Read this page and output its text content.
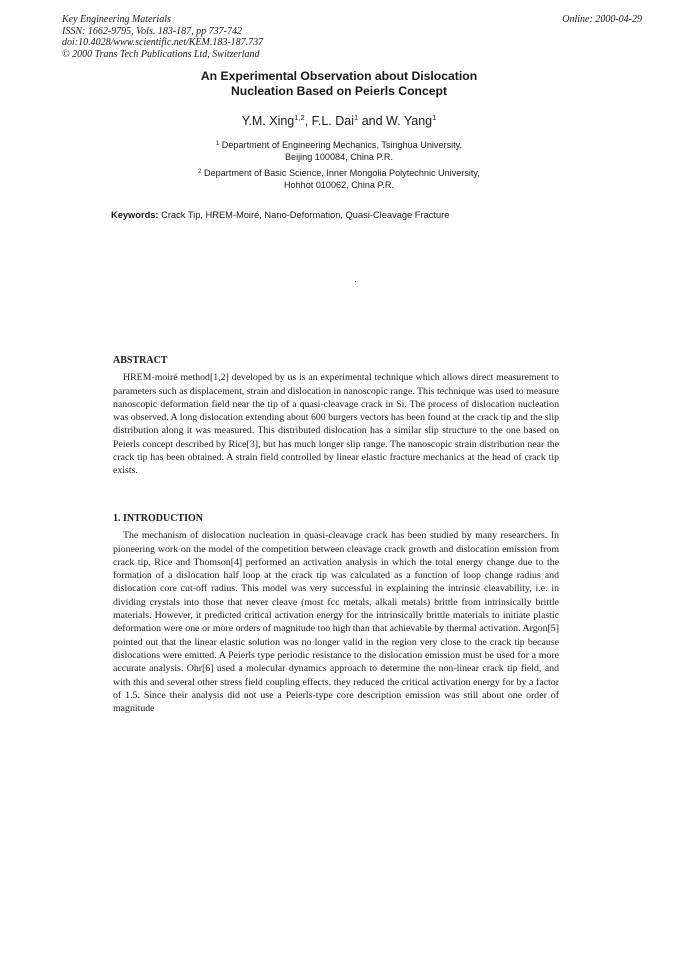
Key Engineering Materials
ISSN: 1662-9795, Vols. 183-187, pp 737-742
doi:10.4028/www.scientific.net/KEM.183-187.737
© 2000 Trans Tech Publications Ltd, Switzerland
Online: 2000-04-29
An Experimental Observation about Dislocation
Nucleation Based on Peierls Concept
Y.M. Xing$^{1,2}$, F.L. Dai$^1$ and W. Yang$^1$
$^1$ Department of Engineering Mechanics, Tsinghua University,
Beijing 100084, China P.R.
$^2$ Department of Basic Science, Inner Mongolia Polytechnic University,
Hohhot 010062, China P.R.
Keywords: Crack Tip, HREM-Moiré, Nano-Deformation, Quasi-Cleavage Fracture

ABSTRACT

HREM-moiré method[1,2] developed by us is an experimental technique which allows direct measurement to parameters such as displacement, strain and dislocation in nanoscopic range. This technique was used to measure nanoscopic deformation field near the tip of a quasi-cleavage crack in Si. The process of dislocation nucleation was observed. A long dislocation extending about 600 burgers vectors has been found at the crack tip and the slip distribution along it was measured. This distributed dislocation has a similar slip structure to the one based on Peierls concept described by Rice[3], but has much longer slip range. The nanoscopic strain distribution near the crack tip has been obtained. A strain field controlled by linear elastic fracture mechanics at the head of crack tip exists.

1. INTRODUCTION

The mechanism of dislocation nucleation in quasi-cleavage crack has been studied by many researchers. In pioneering work on the model of the competition between cleavage crack growth and dislocation emission from crack tip, Rice and Thomson[4] performed an activation analysis in which the total energy change due to the formation of a dislocation half loop at the crack tip was calculated as a function of loop change radius and dislocation core cut-off radius. This model was very successful in explaining the intrinsic cleavability, i.e. in dividing crystals into those that never cleave (most fcc metals, alkali metals) brittle from intrinsically brittle materials. However, it predicted critical activation energy for the intrinsically brittle materials to initiate plastic deformation were one or more orders of magnitude too high than that achievable by thermal activation. Argon[5] pointed out that the linear elastic solution was no longer valid in the region very close to the crack tip because dislocations were emitted. A Peierls type periodic resistance to the dislocation emission must be used for a more accurate analysis. Ohr[6] used a molecular dynamics approach to determine the non-linear crack tip field, and with this and several other stress field coupling effects, they reduced the critical activation energy for by a factor of 1.5. Since their analysis did not use a Peierls-type core description emission was still about one order of magnitude
